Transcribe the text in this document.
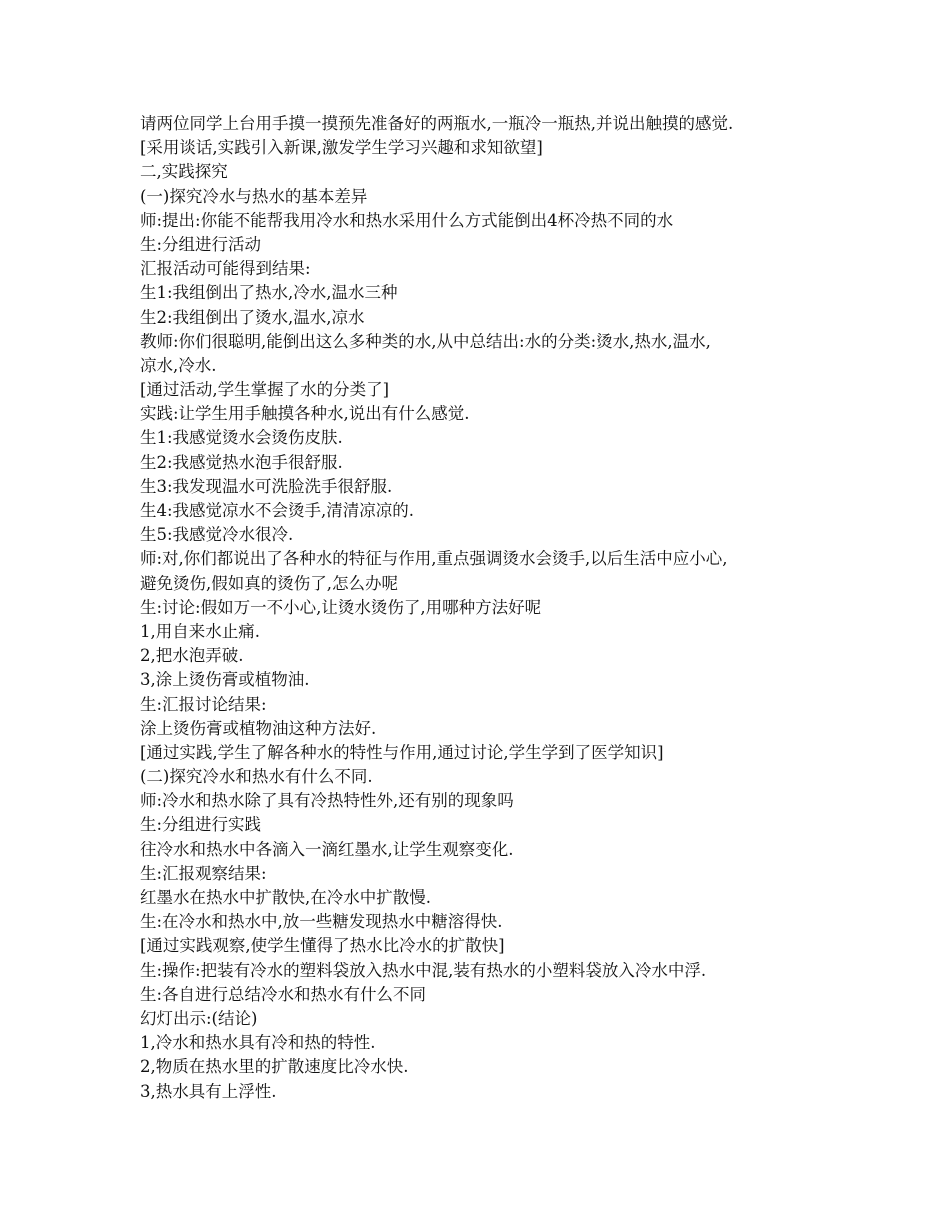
请两位同学上台用手摸一摸预先准备好的两瓶水,一瓶冷一瓶热,并说出触摸的感觉.
[采用谈话,实践引入新课,激发学生学习兴趣和求知欲望]
二,实践探究
(一)探究冷水与热水的基本差异
师:提出:你能不能帮我用冷水和热水采用什么方式能倒出4杯冷热不同的水
生:分组进行活动
汇报活动可能得到结果:
生1:我组倒出了热水,冷水,温水三种
生2:我组倒出了烫水,温水,凉水
教师:你们很聪明,能倒出这么多种类的水,从中总结出:水的分类:烫水,热水,温水,
凉水,冷水.
[通过活动,学生掌握了水的分类了]
实践:让学生用手触摸各种水,说出有什么感觉.
生1:我感觉烫水会烫伤皮肤.
生2:我感觉热水泡手很舒服.
生3:我发现温水可洗脸洗手很舒服.
生4:我感觉凉水不会烫手,清清凉凉的.
生5:我感觉冷水很冷.
师:对,你们都说出了各种水的特征与作用,重点强调烫水会烫手,以后生活中应小心,
避免烫伤,假如真的烫伤了,怎么办呢
生:讨论:假如万一不小心,让烫水烫伤了,用哪种方法好呢
1,用自来水止痛.
2,把水泡弄破.
3,涂上烫伤膏或植物油.
生:汇报讨论结果:
涂上烫伤膏或植物油这种方法好.
[通过实践,学生了解各种水的特性与作用,通过讨论,学生学到了医学知识]
(二)探究冷水和热水有什么不同.
师:冷水和热水除了具有冷热特性外,还有别的现象吗
生:分组进行实践
往冷水和热水中各滴入一滴红墨水,让学生观察变化.
生:汇报观察结果:
红墨水在热水中扩散快,在冷水中扩散慢.
生:在冷水和热水中,放一些糖发现热水中糖溶得快.
[通过实践观察,使学生懂得了热水比冷水的扩散快]
生:操作:把装有冷水的塑料袋放入热水中混,装有热水的小塑料袋放入冷水中浮.
生:各自进行总结冷水和热水有什么不同
幻灯出示:(结论)
1,冷水和热水具有冷和热的特性.
2,物质在热水里的扩散速度比冷水快.
3,热水具有上浮性.
